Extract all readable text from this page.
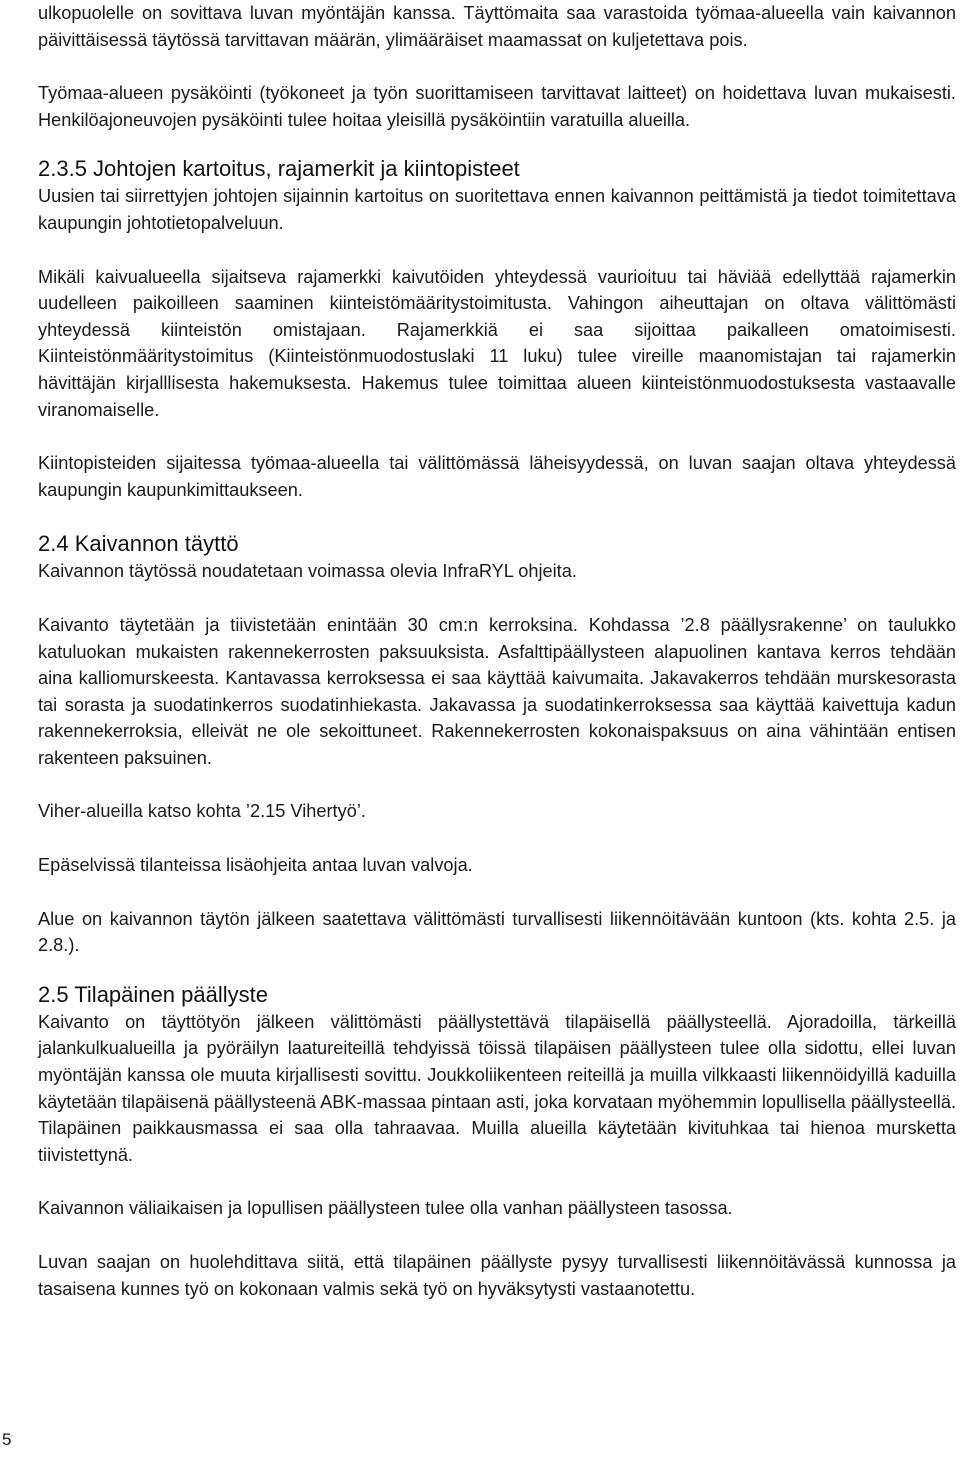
ulkopuolelle on sovittava luvan myöntäjän kanssa. Täyttömaita saa varastoida työmaa-alueella vain kaivannon päivittäisessä täytössä tarvittavan määrän, ylimääräiset maamassat on kuljetettava pois.

Työmaa-alueen pysäköinti (työkoneet ja työn suorittamiseen tarvittavat laitteet) on hoidettava luvan mukaisesti. Henkilöajoneuvojen pysäköinti tulee hoitaa yleisillä pysäköintiin varatuilla alueilla.

2.3.5 Johtojen kartoitus, rajamerkit ja kiintopisteet

Uusien tai siirrettyjen johtojen sijainnin kartoitus on suoritettava ennen kaivannon peittämistä ja tiedot toimitettava kaupungin johtotietopalveluun.

Mikäli kaivualueella sijaitseva rajamerkki kaivutöiden yhteydessä vaurioituu tai häviää edellyttää rajamerkin uudelleen paikoilleen saaminen kiinteistömääritystoimitusta. Vahingon aiheuttajan on oltava välittömästi yhteydessä kiinteistön omistajaan. Rajamerkkiä ei saa sijoittaa paikalleen omatoimisesti. Kiinteistönmääritystoimitus (Kiinteistönmuodostuslaki 11 luku) tulee vireille maanomistajan tai rajamerkin hävittäjän kirjalllisesta hakemuksesta. Hakemus tulee toimittaa alueen kiinteistönmuodostuksesta vastaavalle viranomaiselle.

Kiintopisteiden sijaitessa työmaa-alueella tai välittömässä läheisyydessä, on luvan saajan oltava yhteydessä kaupungin kaupunkimittaukseen.

2.4 Kaivannon täyttö

Kaivannon täytössä noudatetaan voimassa olevia InfraRYL ohjeita.

Kaivanto täytetään ja tiivistetään enintään 30 cm:n kerroksina. Kohdassa ’2.8 päällysrakenne’ on taulukko katuluokan mukaisten rakennekerrosten paksuuksista. Asfalttipäällysteen alapuolinen kantava kerros tehdään aina kalliomurskeesta. Kantavassa kerroksessa ei saa käyttää kaivumaita. Jakavakerros tehdään murskesorasta tai sorasta ja suodatinkerros suodatinhiekasta. Jakavassa ja suodatinkerroksessa saa käyttää kaivettuja kadun rakennekerroksia, elleivät ne ole sekoittuneet. Rakennekerrosten kokonaispaksuus on aina vähintään entisen rakenteen paksuinen.

Viher-alueilla katso kohta ’2.15 Vihertyö’.

Epäselvissä tilanteissa lisäohjeita antaa luvan valvoja.

Alue on kaivannon täytön jälkeen saatettava välittömästi turvallisesti liikennöitävään kuntoon (kts. kohta 2.5. ja 2.8.).

2.5 Tilapäinen päällyste

Kaivanto on täyttötyön jälkeen välittömästi päällystettävä tilapäisellä päällysteellä. Ajoradoilla, tärkeillä jalankulkualueilla ja pyöräilyn laatureiteillä tehdyissä töissä tilapäisen päällysteen tulee olla sidottu, ellei luvan myöntäjän kanssa ole muuta kirjallisesti sovittu. Joukkoliikenteen reiteillä ja muilla vilkkaasti liikennöidyillä kaduilla käytetään tilapäisenä päällysteenä ABK-massaa pintaan asti, joka korvataan myöhemmin lopullisella päällysteellä. Tilapäinen paikkausmassa ei saa olla tahraavaa. Muilla alueilla käytetään kivituhkaa tai hienoa mursketta tiivistettynä.

Kaivannon väliaikaisen ja lopullisen päällysteen tulee olla vanhan päällysteen tasossa.

Luvan saajan on huolehdittava siitä, että tilapäinen päällyste pysyy turvallisesti liikennöitävässä kunnossa ja tasaisena kunnes työ on kokonaan valmis sekä työ on hyväksytysti vastaanotettu.

5
